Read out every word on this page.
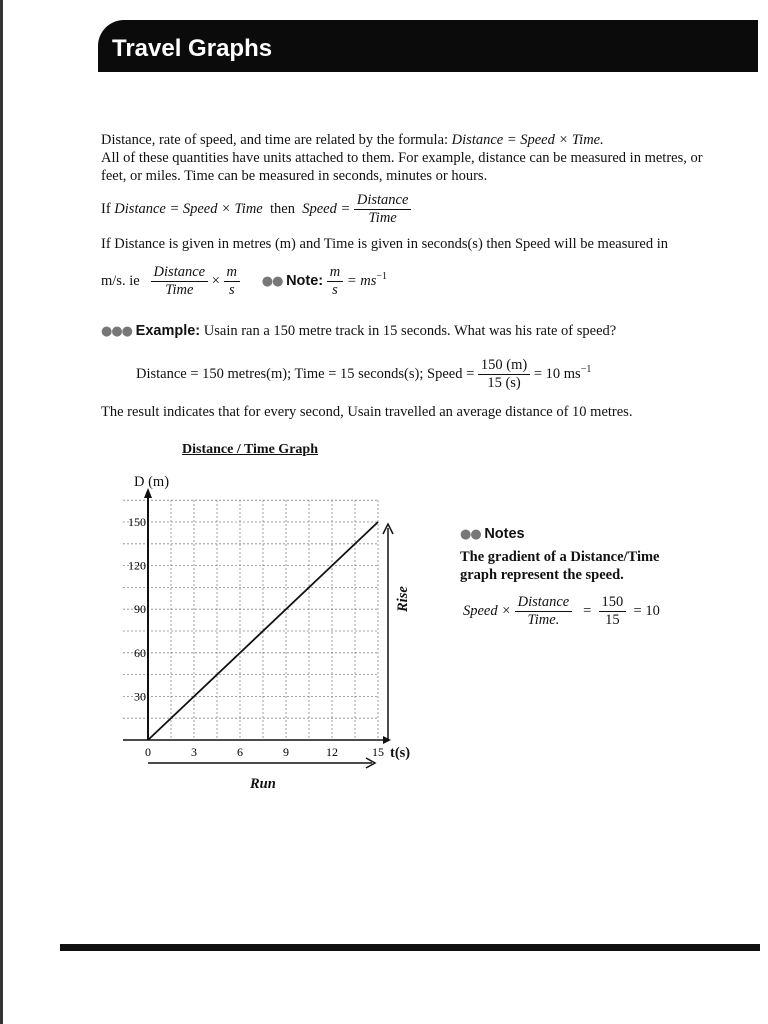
Travel Graphs
Distance, rate of speed, and time are related by the formula: Distance = Speed × Time.
All of these quantities have units attached to them. For example, distance can be measured in metres, or
feet, or miles. Time can be measured in seconds, minutes or hours.
If Distance = Speed × Time then Speed = $\frac{\text{Distance}}{\text{Time}}$
If Distance is given in metres (m) and Time is given in seconds(s) then Speed will be measured in
m/s. ie $\frac{\text{Distance}}{\text{Time}} \times \frac{m}{s}$ ●● Note: $\frac{m}{s} = ms^{-1}$
●●● Example: Usain ran a 150 metre track in 15 seconds. What was his rate of speed?
Distance = 150 metres(m); Time = 15 seconds(s); Speed = $\frac{150 (m)}{15 (s)} = 10$ $ms^{-1}$
The result indicates that for every second, Usain travelled an average distance of 10 metres.
Distance / Time Graph
0	3	6	9	12	15
30
60
90
120
150
D (m)
t(s)
Run
Rise
●● Notes
The gradient of a Distance/Time
graph represent the speed.
Speed × $\frac{\text{Distance}}{\text{Time.}} = \frac{150}{15} = 10$
